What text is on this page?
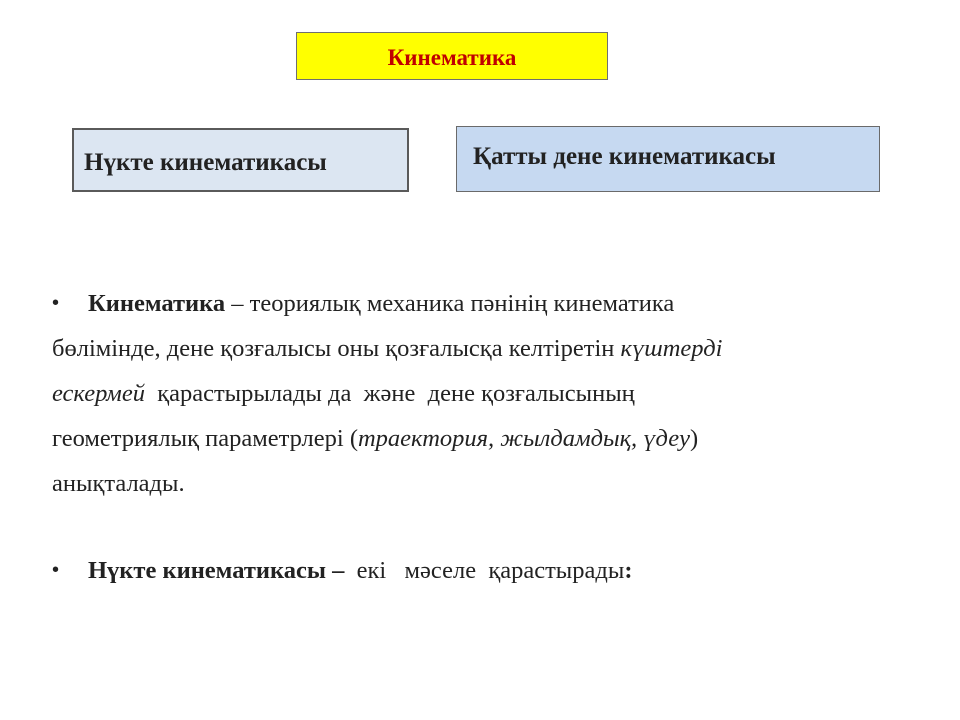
Кинематика
Нүкте кинематикасы	Қатты дене кинематикасы
• Кинематика – теориялық механика пәнінің кинематика
бөлімінде, дене қозғалысы оны қозғалысқа келтіретін күштерді
ескермей  қарастырылады да  және  дене қозғалысының
геометриялық параметрлері (траектория, жылдамдық, үдеу)
анықталады.
• Нүкте кинематикасы –  екі   мәселе  қарастырады:
